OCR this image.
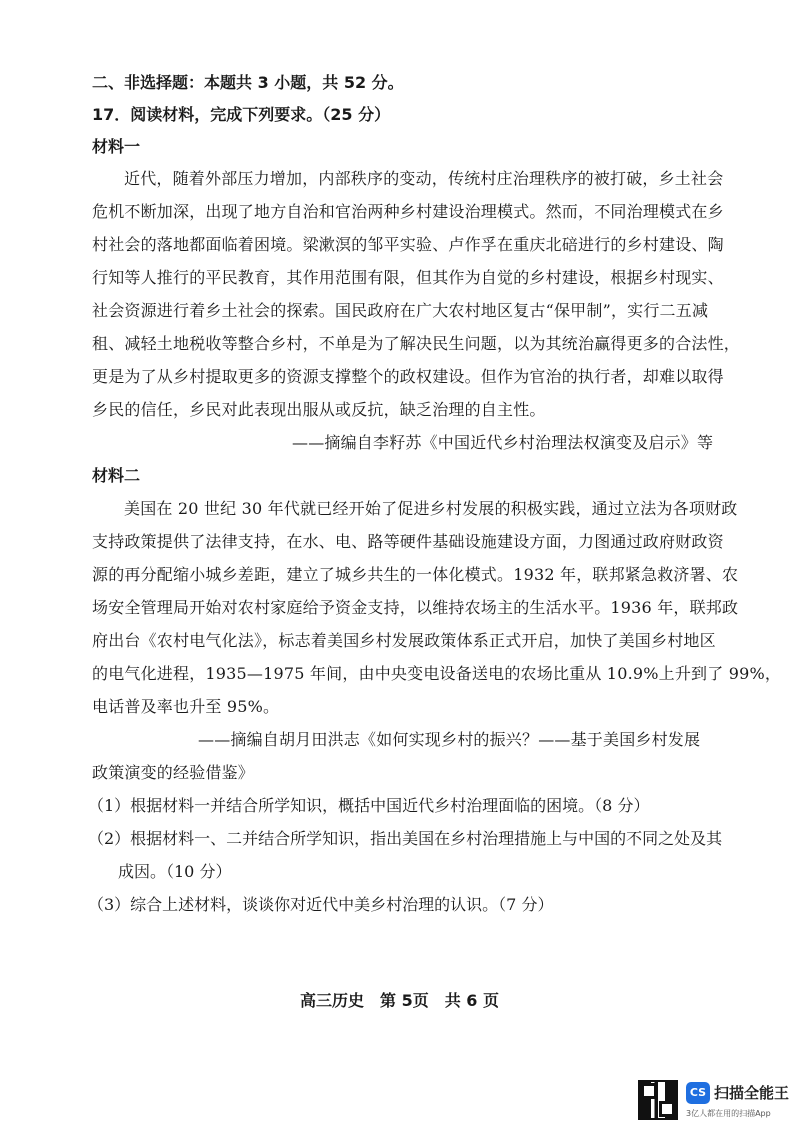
二、非选择题：本题共 3 小题，共 52 分。
17．阅读材料，完成下列要求。（25 分）
材料一
近代，随着外部压力增加，内部秩序的变动，传统村庄治理秩序的被打破，乡土社会
危机不断加深，出现了地方自治和官治两种乡村建设治理模式。然而，不同治理模式在乡
村社会的落地都面临着困境。梁漱溟的邹平实验、卢作孚在重庆北碚进行的乡村建设、陶
行知等人推行的平民教育，其作用范围有限，但其作为自觉的乡村建设，根据乡村现实、
社会资源进行着乡土社会的探索。国民政府在广大农村地区复古“保甲制”，实行二五减
租、减轻土地税收等整合乡村，不单是为了解决民生问题，以为其统治赢得更多的合法性，
更是为了从乡村提取更多的资源支撑整个的政权建设。但作为官治的执行者，却难以取得
乡民的信任，乡民对此表现出服从或反抗，缺乏治理的自主性。
——摘编自李籽苏《中国近代乡村治理法权演变及启示》等
材料二
美国在 20 世纪 30 年代就已经开始了促进乡村发展的积极实践，通过立法为各项财政
支持政策提供了法律支持，在水、电、路等硬件基础设施建设方面，力图通过政府财政资
源的再分配缩小城乡差距，建立了城乡共生的一体化模式。1932 年，联邦紧急救济署、农
场安全管理局开始对农村家庭给予资金支持，以维持农场主的生活水平。1936 年，联邦政
府出台《农村电气化法》，标志着美国乡村发展政策体系正式开启，加快了美国乡村地区
的电气化进程，1935—1975 年间，由中央变电设备送电的农场比重从 10.9%上升到了 99%，
电话普及率也升至 95%。
——摘编自胡月田洪志《如何实现乡村的振兴？——基于美国乡村发展
政策演变的经验借鉴》
（1）根据材料一并结合所学知识，概括中国近代乡村治理面临的困境。（8 分）
（2）根据材料一、二并结合所学知识，指出美国在乡村治理措施上与中国的不同之处及其
成因。（10 分）
（3）综合上述材料，谈谈你对近代中美乡村治理的认识。（7 分）
高三历史　第 5页　共 6 页
CS 扫描全能王
3亿人都在用的扫描App
